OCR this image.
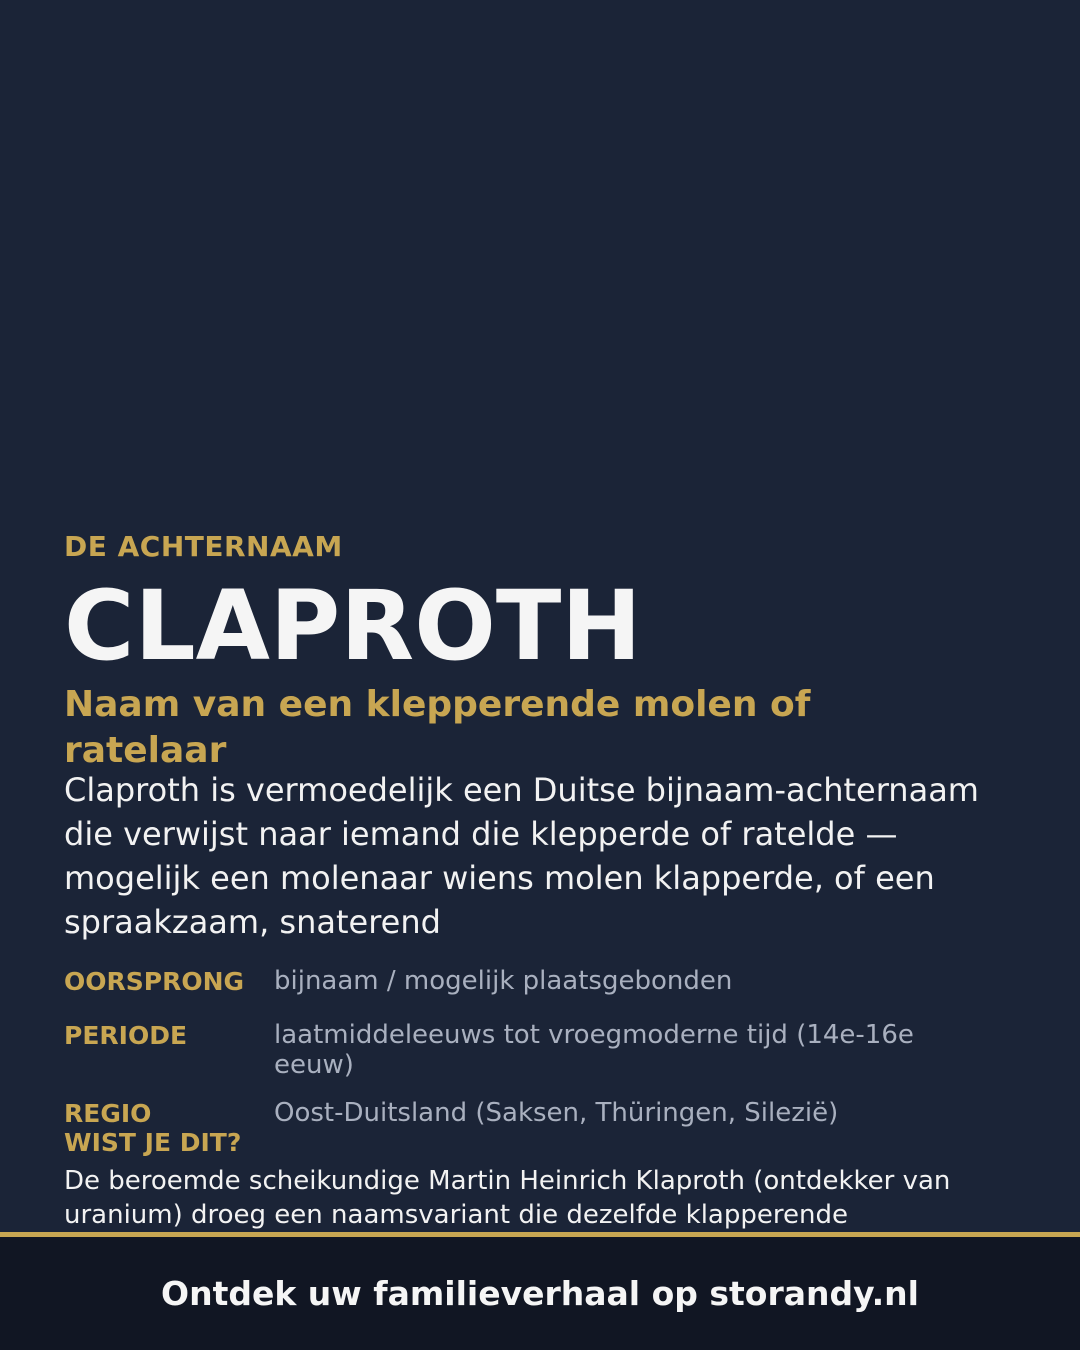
DE ACHTERNAAM
CLAPROTH
Naam van een klepperende molen of ratelaar
Claproth is vermoedelijk een Duitse bijnaam-achternaam die verwijst naar iemand die klepperde of ratelde — mogelijk een molenaar wiens molen klapperde, of een spraakzaam, snaterend
OORSPRONG	bijnaam / mogelijk plaatsgebonden
PERIODE	laatmiddeleeuws tot vroegmoderne tijd (14e-16e eeuw)
REGIO	Oost-Duitsland (Saksen, Thüringen, Silezië)
WIST JE DIT?
De beroemde scheikundige Martin Heinrich Klaproth (ontdekker van uranium) droeg een naamsvariant die dezelfde klapperende
Ontdek uw familieverhaal op storandy.nl
